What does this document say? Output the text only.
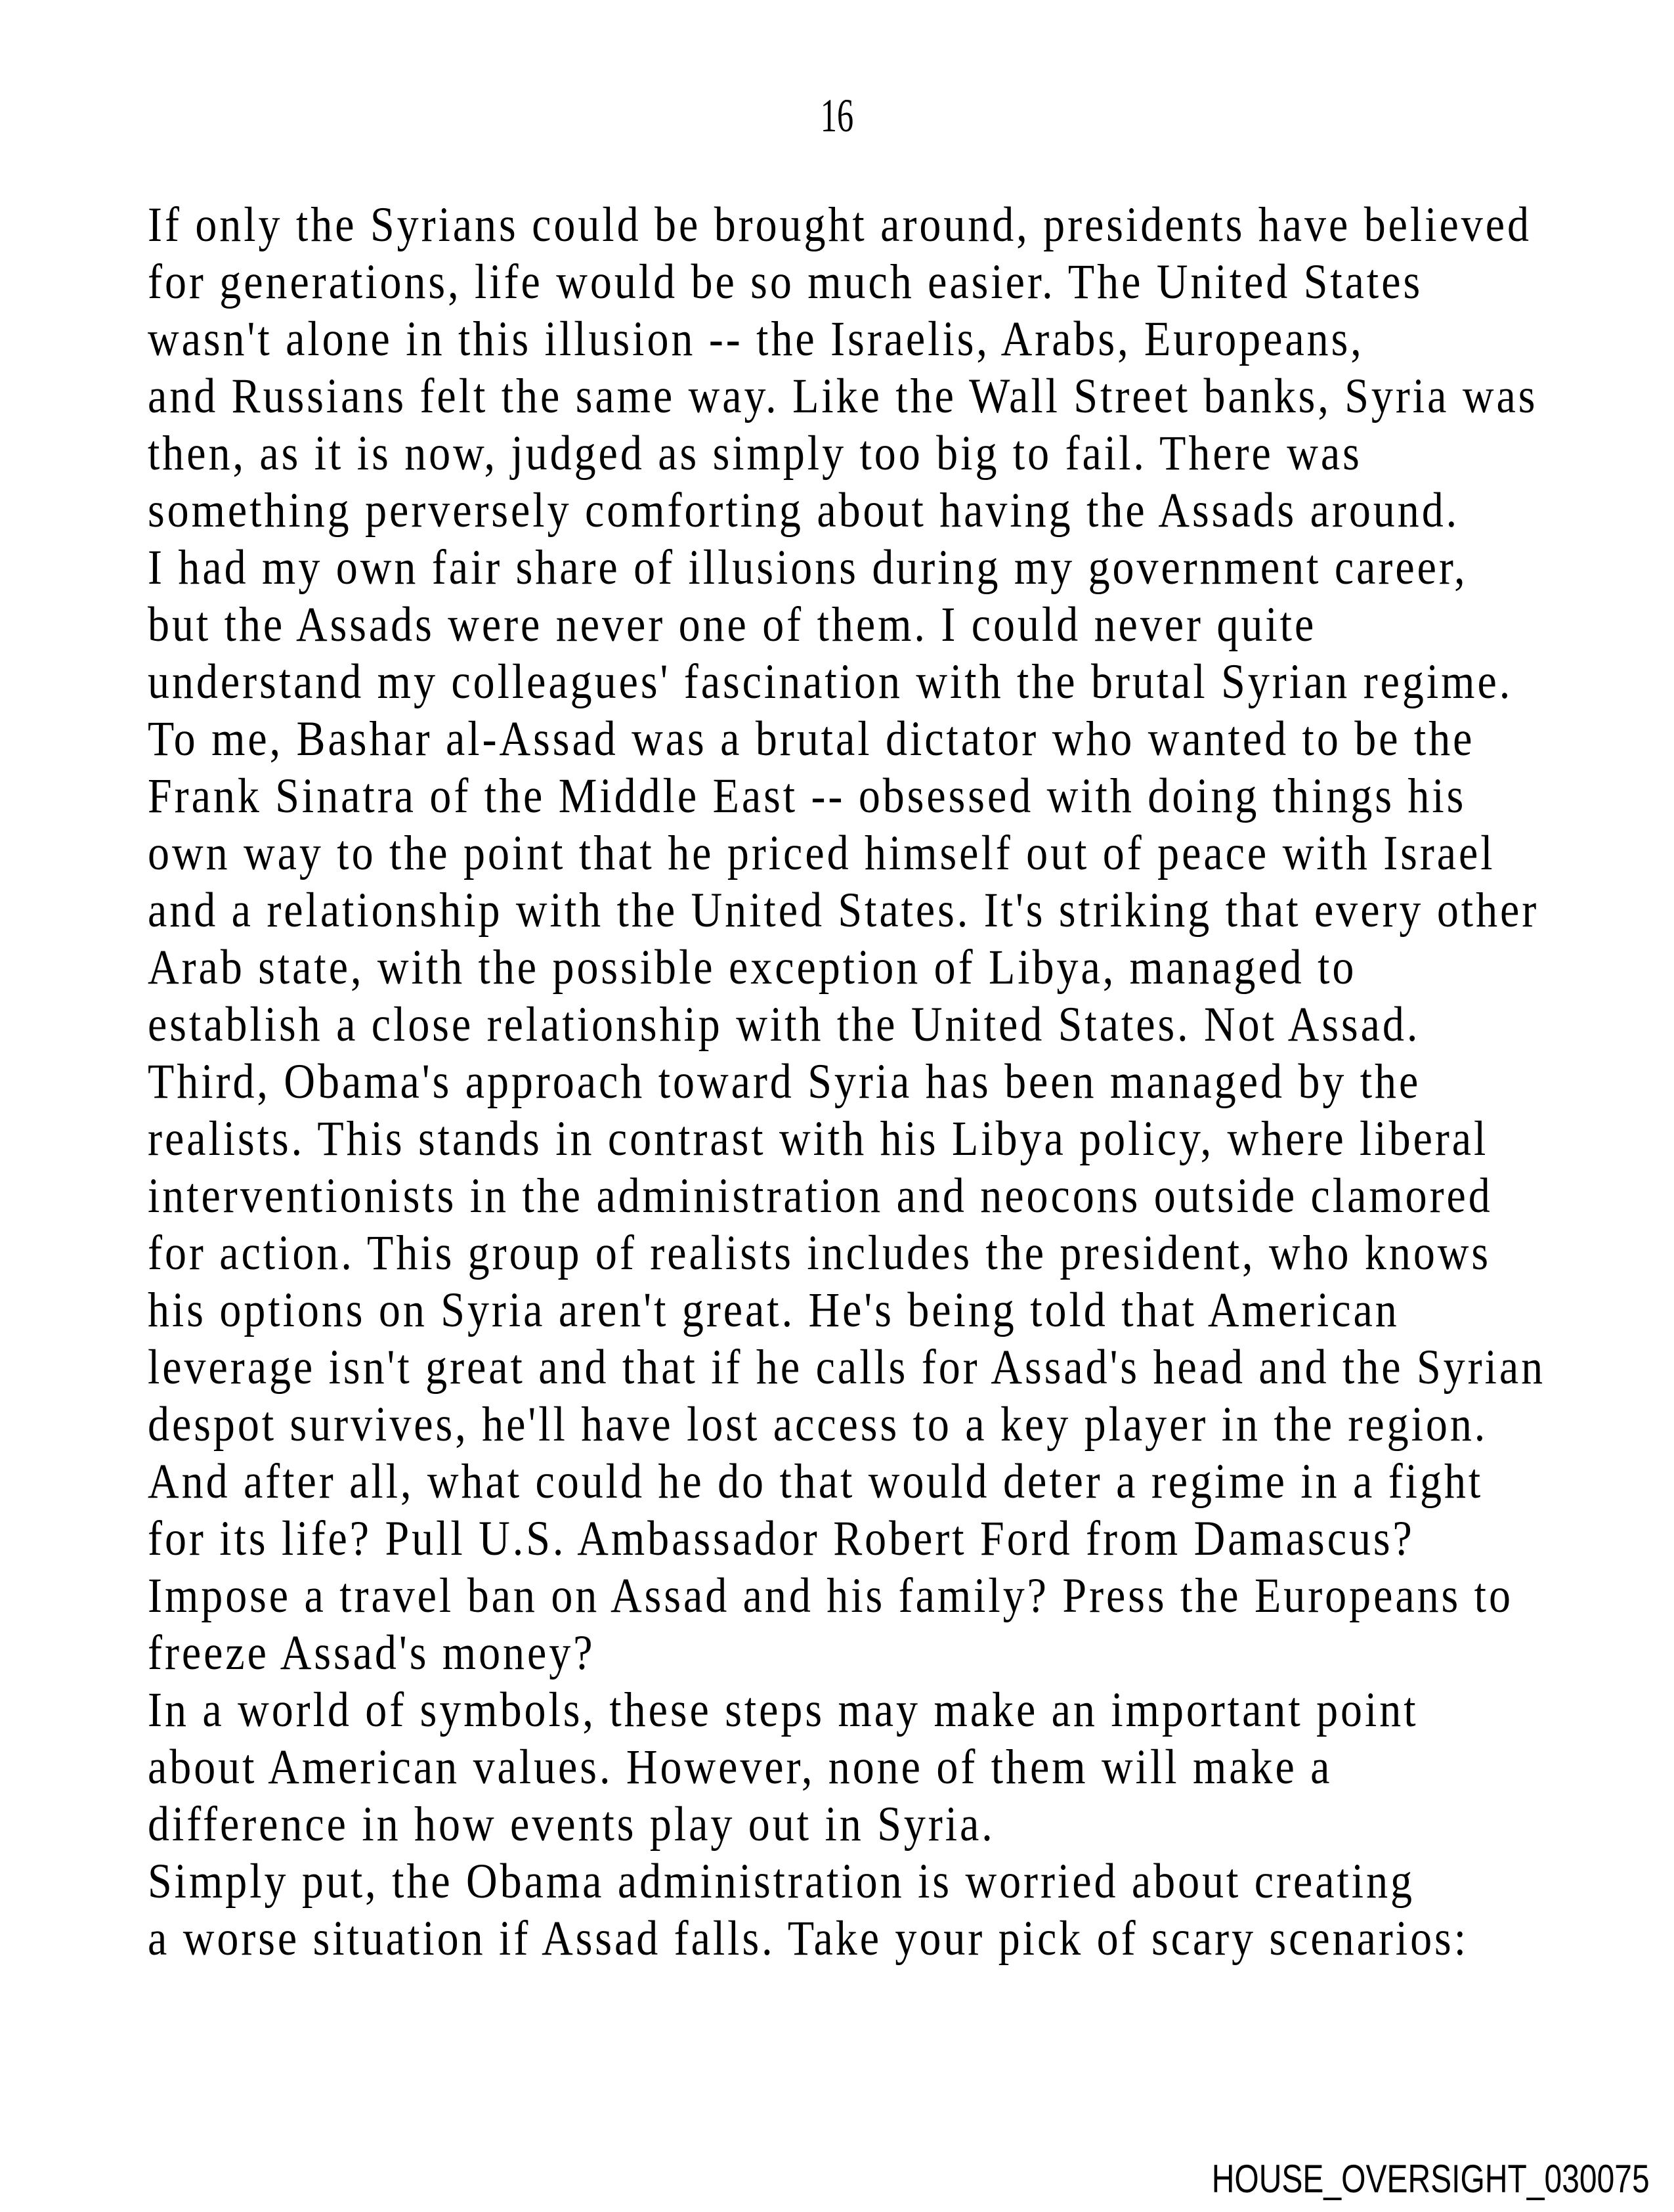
16
If only the Syrians could be brought around, presidents have believed
for generations, life would be so much easier. The United States
wasn't alone in this illusion -- the Israelis, Arabs, Europeans,
and Russians felt the same way. Like the Wall Street banks, Syria was
then, as it is now, judged as simply too big to fail. There was
something perversely comforting about having the Assads around.
I had my own fair share of illusions during my government career,
but the Assads were never one of them. I could never quite
understand my colleagues' fascination with the brutal Syrian regime.
To me, Bashar al-Assad was a brutal dictator who wanted to be the
Frank Sinatra of the Middle East -- obsessed with doing things his
own way to the point that he priced himself out of peace with Israel
and a relationship with the United States. It's striking that every other
Arab state, with the possible exception of Libya, managed to
establish a close relationship with the United States. Not Assad.
Third, Obama's approach toward Syria has been managed by the
realists. This stands in contrast with his Libya policy, where liberal
interventionists in the administration and neocons outside clamored
for action. This group of realists includes the president, who knows
his options on Syria aren't great. He's being told that American
leverage isn't great and that if he calls for Assad's head and the Syrian
despot survives, he'll have lost access to a key player in the region.
And after all, what could he do that would deter a regime in a fight
for its life? Pull U.S. Ambassador Robert Ford from Damascus?
Impose a travel ban on Assad and his family? Press the Europeans to
freeze Assad's money?
In a world of symbols, these steps may make an important point
about American values. However, none of them will make a
difference in how events play out in Syria.
Simply put, the Obama administration is worried about creating
a worse situation if Assad falls. Take your pick of scary scenarios:
HOUSE_OVERSIGHT_030075
